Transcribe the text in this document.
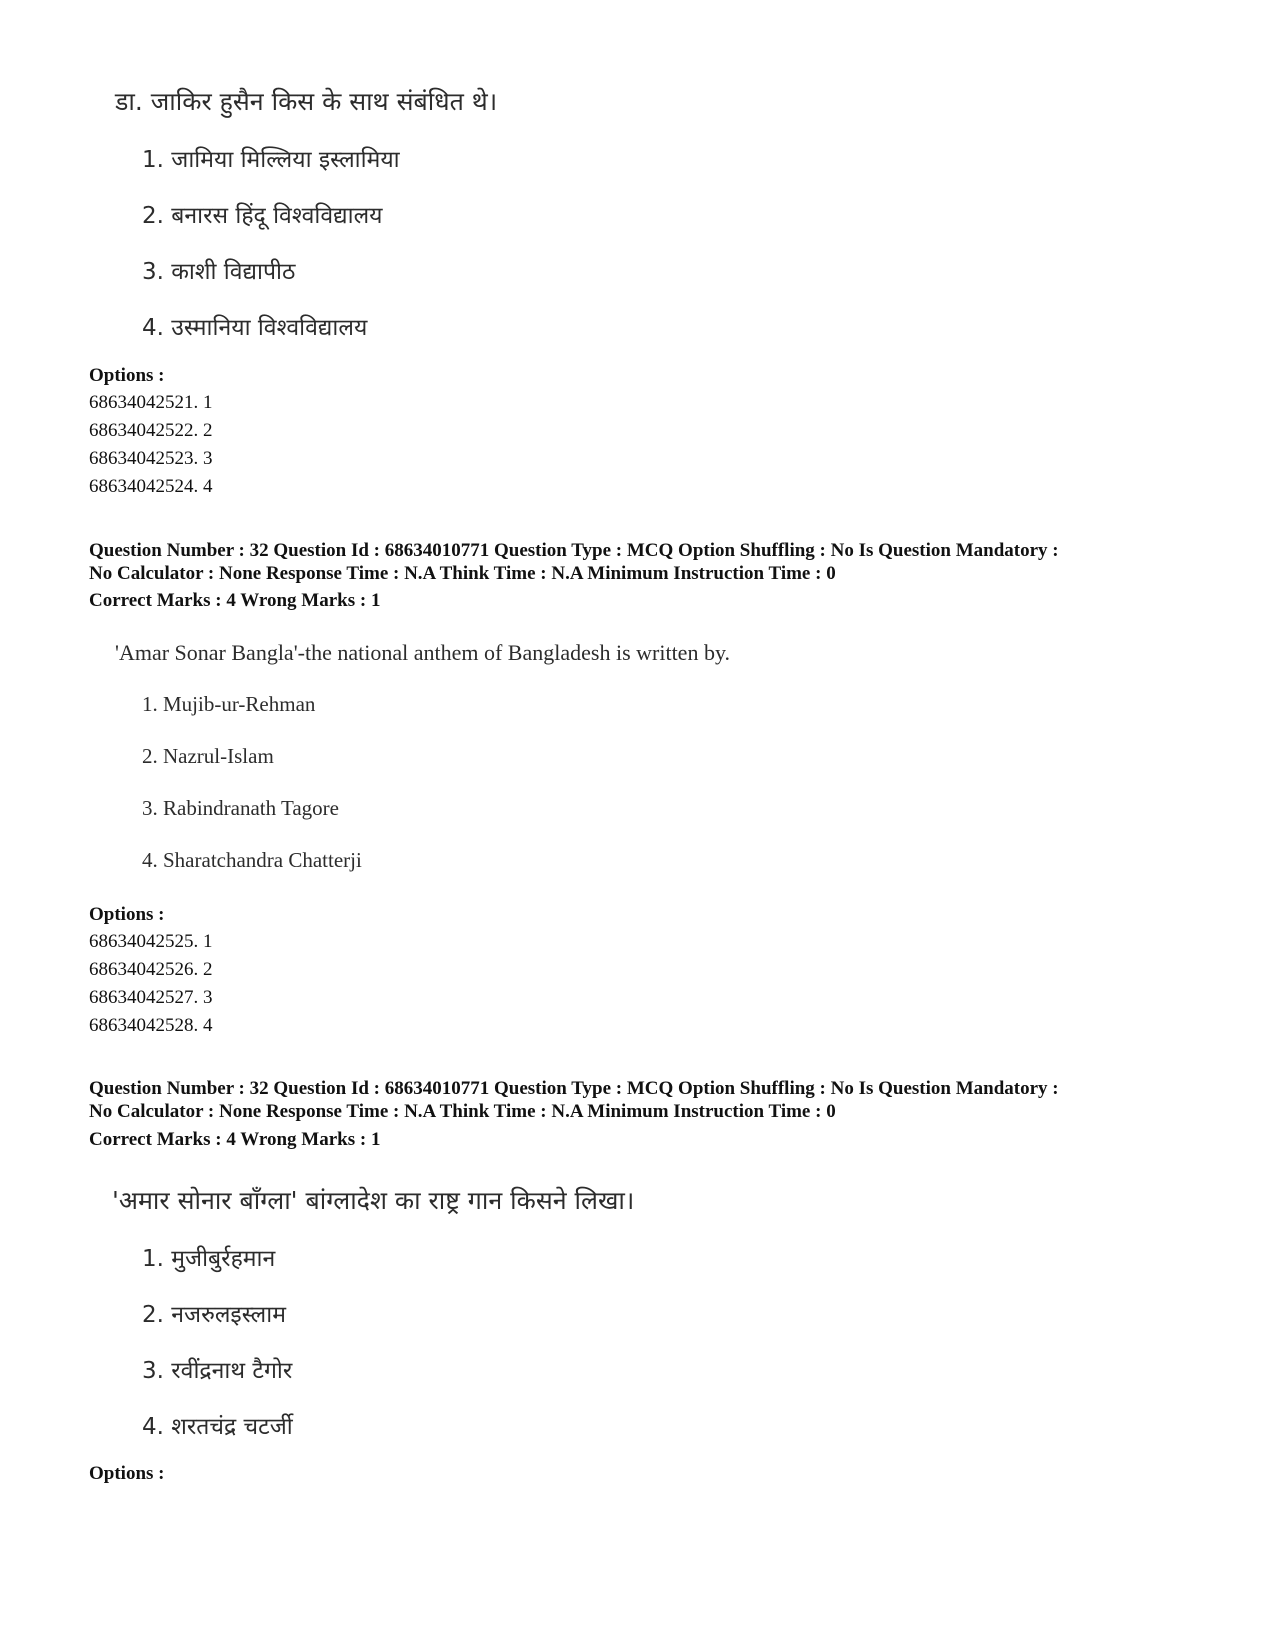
डा. जाकिर हुसैन किस के साथ संबंधित थे।
1. जामिया मिल्लिया इस्लामिया
2. बनारस हिंदू विश्वविद्यालय
3. काशी विद्यापीठ
4. उस्मानिया विश्वविद्यालय
Options :
68634042521. 1
68634042522. 2
68634042523. 3
68634042524. 4
Question Number : 32 Question Id : 68634010771 Question Type : MCQ Option Shuffling : No Is Question Mandatory :
No Calculator : None Response Time : N.A Think Time : N.A Minimum Instruction Time : 0
Correct Marks : 4 Wrong Marks : 1
'Amar Sonar Bangla'-the national anthem of Bangladesh is written by.
1. Mujib-ur-Rehman
2. Nazrul-Islam
3. Rabindranath Tagore
4. Sharatchandra Chatterji
Options :
68634042525. 1
68634042526. 2
68634042527. 3
68634042528. 4
Question Number : 32 Question Id : 68634010771 Question Type : MCQ Option Shuffling : No Is Question Mandatory :
No Calculator : None Response Time : N.A Think Time : N.A Minimum Instruction Time : 0
Correct Marks : 4 Wrong Marks : 1
'अमार सोनार बाँग्ला' बांग्लादेश का राष्ट्र गान किसने लिखा।
1. मुजीबुर्रहमान
2. नजरुलइस्लाम
3. रवींद्रनाथ टैगोर
4. शरतचंद्र चटर्जी
Options :
